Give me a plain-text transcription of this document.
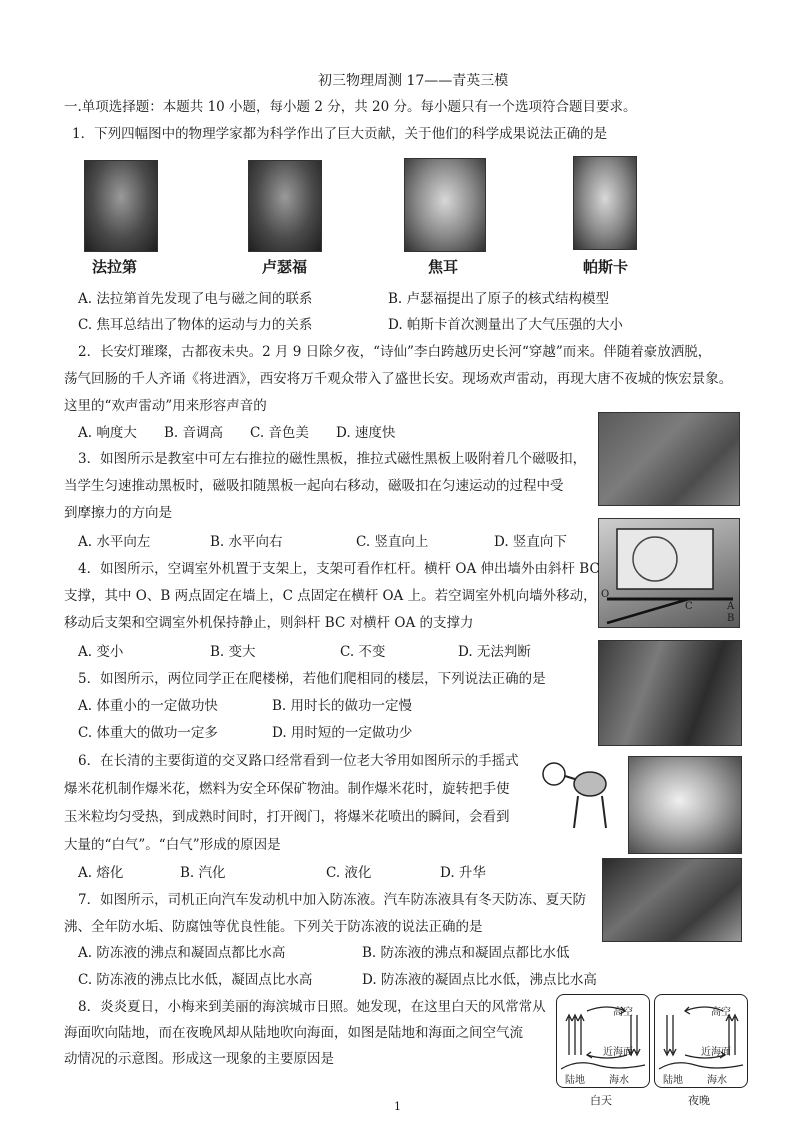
初三物理周测 17——青英三模
一.单项选择题：本题共 10 小题，每小题 2 分，共 20 分。每小题只有一个选项符合题目要求。
1．下列四幅图中的物理学家都为科学作出了巨大贡献，关于他们的科学成果说法正确的是
法拉第	卢瑟福	焦耳	帕斯卡
A. 法拉第首先发现了电与磁之间的联系	B. 卢瑟福提出了原子的核式结构模型
C. 焦耳总结出了物体的运动与力的关系	D. 帕斯卡首次测量出了大气压强的大小
2．长安灯璀璨，古都夜未央。2 月 9 日除夕夜，“诗仙”李白跨越历史长河“穿越”而来。伴随着豪放洒脱，
荡气回肠的千人齐诵《将进酒》，西安将万千观众带入了盛世长安。现场欢声雷动，再现大唐不夜城的恢宏景象。
这里的“欢声雷动”用来形容声音的
A. 响度大 B. 音调高 C. 音色美 D. 速度快
3．如图所示是教室中可左右推拉的磁性黑板，推拉式磁性黑板上吸附着几个磁吸扣，
当学生匀速推动黑板时，磁吸扣随黑板一起向右移动，磁吸扣在匀速运动的过程中受
到摩擦力的方向是
A. 水平向左	B. 水平向右	C. 竖直向上	D. 竖直向下
O
C	A
B
4．如图所示，空调室外机置于支架上，支架可看作杠杆。横杆 OA 伸出墙外由斜杆 BC
支撑，其中 O、B 两点固定在墙上，C 点固定在横杆 OA 上。若空调室外机向墙外移动，
移动后支架和空调室外机保持静止，则斜杆 BC 对横杆 OA 的支撑力
A. 变小	B. 变大	C. 不变	D. 无法判断
5．如图所示，两位同学正在爬楼梯，若他们爬相同的楼层，下列说法正确的是
A. 体重小的一定做功快	B. 用时长的做功一定慢
C. 体重大的做功一定多	D. 用时短的一定做功少
6．在长清的主要街道的交叉路口经常看到一位老大爷用如图所示的手摇式
爆米花机制作爆米花，燃料为安全环保矿物油。制作爆米花时，旋转把手使
玉米粒均匀受热，到成熟时间时，打开阀门，将爆米花喷出的瞬间，会看到
大量的“白气”。“白气”形成的原因是
A. 熔化	B. 汽化	C. 液化	D. 升华
7．如图所示，司机正向汽车发动机中加入防冻液。汽车防冻液具有冬天防冻、夏天防
沸、全年防水垢、防腐蚀等优良性能。下列关于防冻液的说法正确的是
A. 防冻液的沸点和凝固点都比水高	B. 防冻液的沸点和凝固点都比水低
C. 防冻液的沸点比水低，凝固点比水高	D. 防冻液的凝固点比水低，沸点比水高
8．炎炎夏日，小梅来到美丽的海滨城市日照。她发现，在这里白天的风常常从
海面吹向陆地，而在夜晚风却从陆地吹向海面，如图是陆地和海面之间空气流
动情况的示意图。形成这一现象的主要原因是
高空
近海面
陆地 海水
白天
高空
近海面
陆地 海水
夜晚
1
